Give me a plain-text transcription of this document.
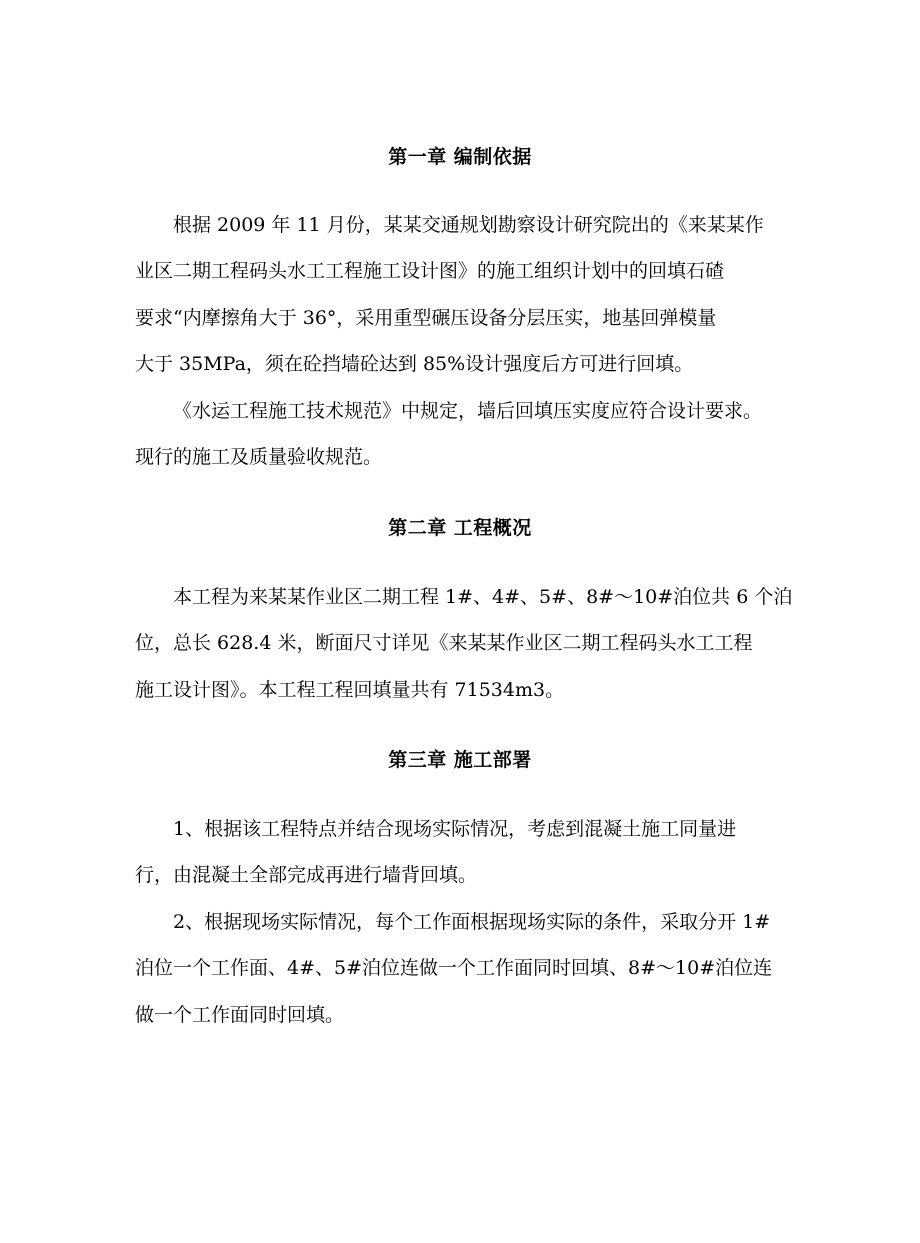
第一章 编制依据
根据 2009 年 11 月份，某某交通规划勘察设计研究院出的《来某某作
业区二期工程码头水工工程施工设计图》的施工组织计划中的回填石碴
要求“内摩擦角大于 36°，采用重型碾压设备分层压实，地基回弹模量
大于 35MPa，须在砼挡墙砼达到 85%设计强度后方可进行回填。
《水运工程施工技术规范》中规定，墙后回填压实度应符合设计要求。
现行的施工及质量验收规范。
第二章 工程概况
本工程为来某某作业区二期工程 1#、4#、5#、8#～10#泊位共 6 个泊
位，总长 628.4 米，断面尺寸详见《来某某作业区二期工程码头水工工程
施工设计图》。本工程工程回填量共有 71534m3。
第三章 施工部署
1、根据该工程特点并结合现场实际情况，考虑到混凝土施工同量进
行，由混凝土全部完成再进行墙背回填。
2、根据现场实际情况，每个工作面根据现场实际的条件，采取分开 1#
泊位一个工作面、4#、5#泊位连做一个工作面同时回填、8#～10#泊位连
做一个工作面同时回填。
